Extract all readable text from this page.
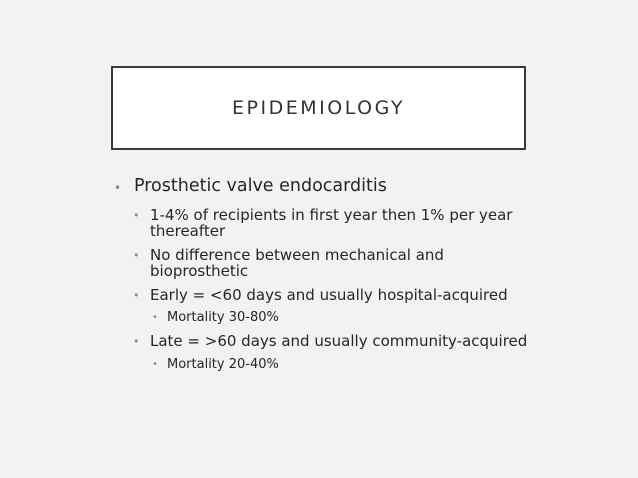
EPIDEMIOLOGY
• Prosthetic valve endocarditis
• 1-4% of recipients in first year then 1% per year thereafter
• No difference between mechanical and bioprosthetic
• Early = <60 days and usually hospital-acquired
• Mortality 30-80%
• Late = >60 days and usually community-acquired
• Mortality 20-40%
